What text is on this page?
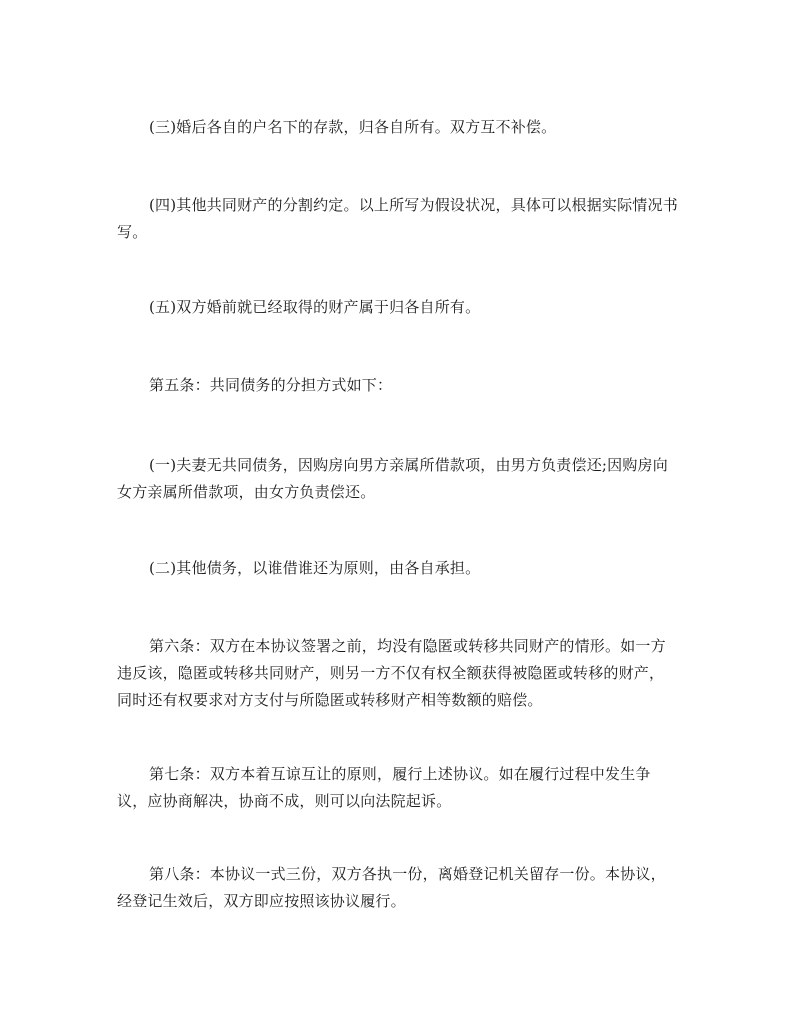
(三)婚后各自的户名下的存款，归各自所有。双方互不补偿。

(四)其他共同财产的分割约定。以上所写为假设状况，具体可以根据实际情况书写。

(五)双方婚前就已经取得的财产属于归各自所有。

第五条：共同债务的分担方式如下：

(一)夫妻无共同债务，因购房向男方亲属所借款项，由男方负责偿还;因购房向女方亲属所借款项，由女方负责偿还。

(二)其他债务，以谁借谁还为原则，由各自承担。

第六条：双方在本协议签署之前，均没有隐匿或转移共同财产的情形。如一方违反该，隐匿或转移共同财产，则另一方不仅有权全额获得被隐匿或转移的财产，同时还有权要求对方支付与所隐匿或转移财产相等数额的赔偿。

第七条：双方本着互谅互让的原则，履行上述协议。如在履行过程中发生争议，应协商解决，协商不成，则可以向法院起诉。

第八条：本协议一式三份，双方各执一份，离婚登记机关留存一份。本协议，经登记生效后，双方即应按照该协议履行。
